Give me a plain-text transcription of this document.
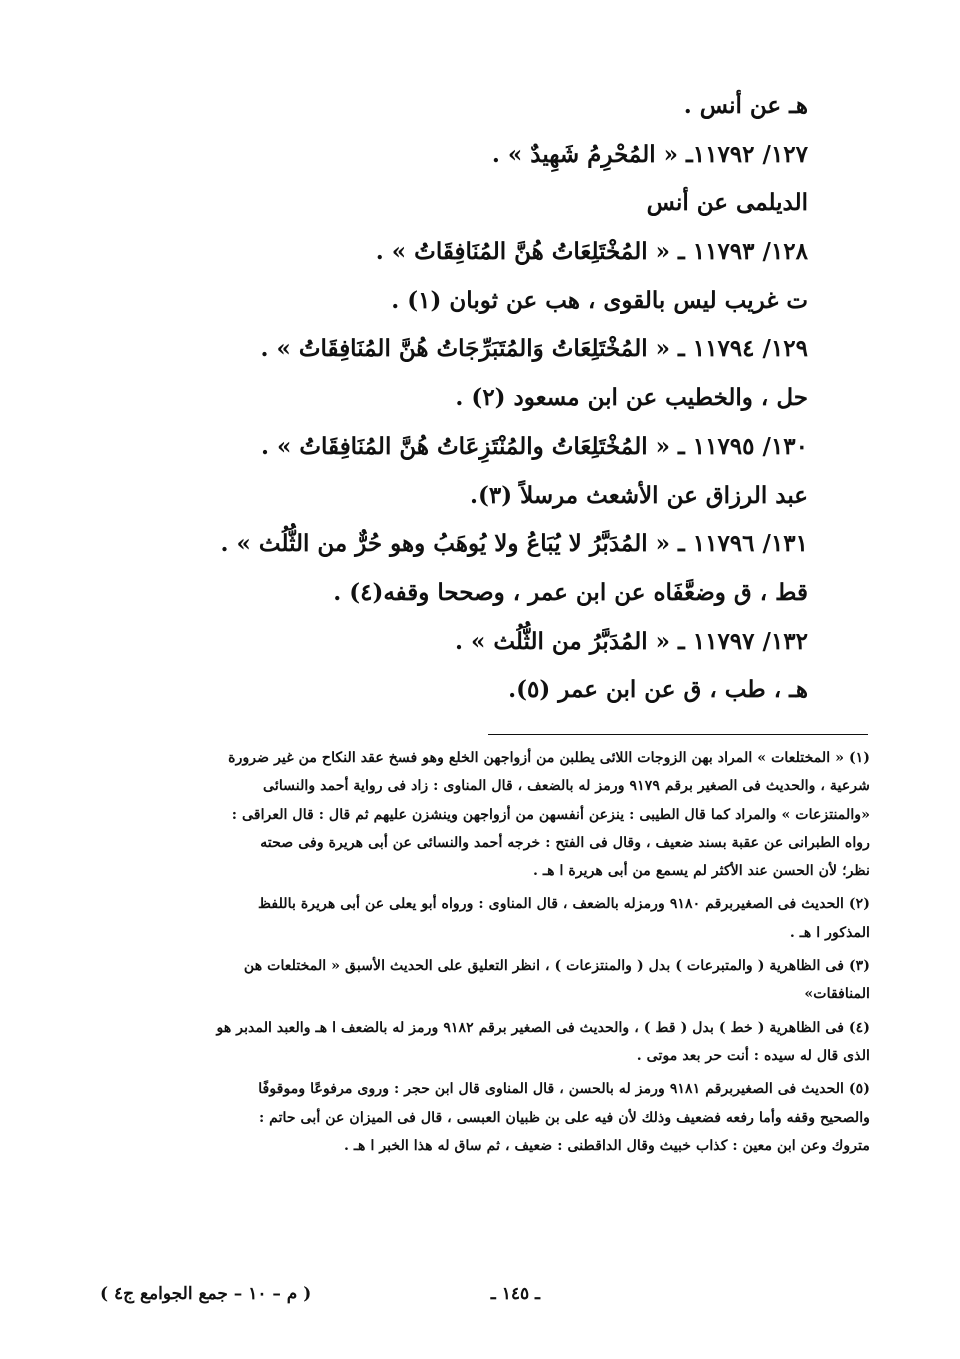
هـ عن أنس .
١٢٧/ ١١٧٩٢ـ « المُحْرِمُ شَهِيدٌ » .
الديلمى عن أنس
١٢٨/ ١١٧٩٣ ـ « المُخْتَلِعَاتُ هُنَّ المُنَافِقَاتُ » .
ت غريب ليس بالقوى ، هب عن ثوبان (١) .
١٢٩/ ١١٧٩٤ ـ « المُخْتَلِعَاتُ وَالمُتَبَرِّجَاتُ هُنَّ المُنَافِقَاتُ » .
حل ، والخطيب عن ابن مسعود (٢) .
١٣٠/ ١١٧٩٥ ـ « المُخْتَلِعَاتُ والمُنْتَزِعَاتُ هُنَّ المُنَافِقَاتُ » .
عبد الرزاق عن الأشعث مرسلاً (٣).
١٣١/ ١١٧٩٦ ـ « المُدَبَّرُ لا يُبَاعُ ولا يُوهَبُ وهو حُرٌّ من الثُّلُث » .
قط ، ق وضعَّفَاه عن ابن عمر ، وصححا وقفه(٤) .
١٣٢/ ١١٧٩٧ ـ « المُدَبَّرُ من الثُّلُث » .
هـ ، طب ، ق عن ابن عمر (٥).
(١) « المختلعات » المراد بهن الزوجات اللائى يطلبن من أزواجهن الخلع وهو فسخ عقد النكاح من غير ضرورة
شرعية ، والحديث فى الصغير برقم ٩١٧٩ ورمز له بالضعف ، قال المناوى : زاد فى رواية أحمد والنسائى
«والمنتزعات » والمراد كما قال الطيبى : ينزعن أنفسهن من أزواجهن وينشزن عليهم ثم قال : قال العراقى :
رواه الطبرانى عن عقبة بسند ضعيف ، وقال فى الفتح : خرجه أحمد والنسائى عن أبى هريرة وفى صحته
نظر؛ لأن الحسن عند الأكثر لم يسمع من أبى هريرة ا هـ .
(٢) الحديث فى الصغيربرقم ٩١٨٠ ورمزله بالضعف ، قال المناوى : ورواه أبو يعلى عن أبى هريرة باللفظ
المذكور ا هـ .
(٣) فى الظاهرية ( والمتبرعات ) بدل ( والمنتزعات ) ، انظر التعليق على الحديث الأسبق « المختلعات هن
المنافقات»
(٤) فى الظاهرية ( خط ) بدل ( قط ) ، والحديث فى الصغير برقم ٩١٨٢ ورمز له بالضعف ا هـ والعبد المدبر هو
الذى قال له سيده : أنت حر بعد موتى .
(٥) الحديث فى الصغيربرقم ٩١٨١ ورمز له بالحسن ، قال المناوى قال ابن حجر : وروى مرفوعًا وموقوفًا
والصحيح وقفه وأما رفعه فضعيف وذلك لأن فيه على بن ظبيان العبسى ، قال فى الميزان عن أبى حاتم :
متروك وعن ابن معين : كذاب خبيث وقال الداقطنى : ضعيف ، ثم ساق له هذا الخبر ا هـ .
ـ ١٤٥ ـ
( م – ١٠ – جمع الجوامع ج٤ )
